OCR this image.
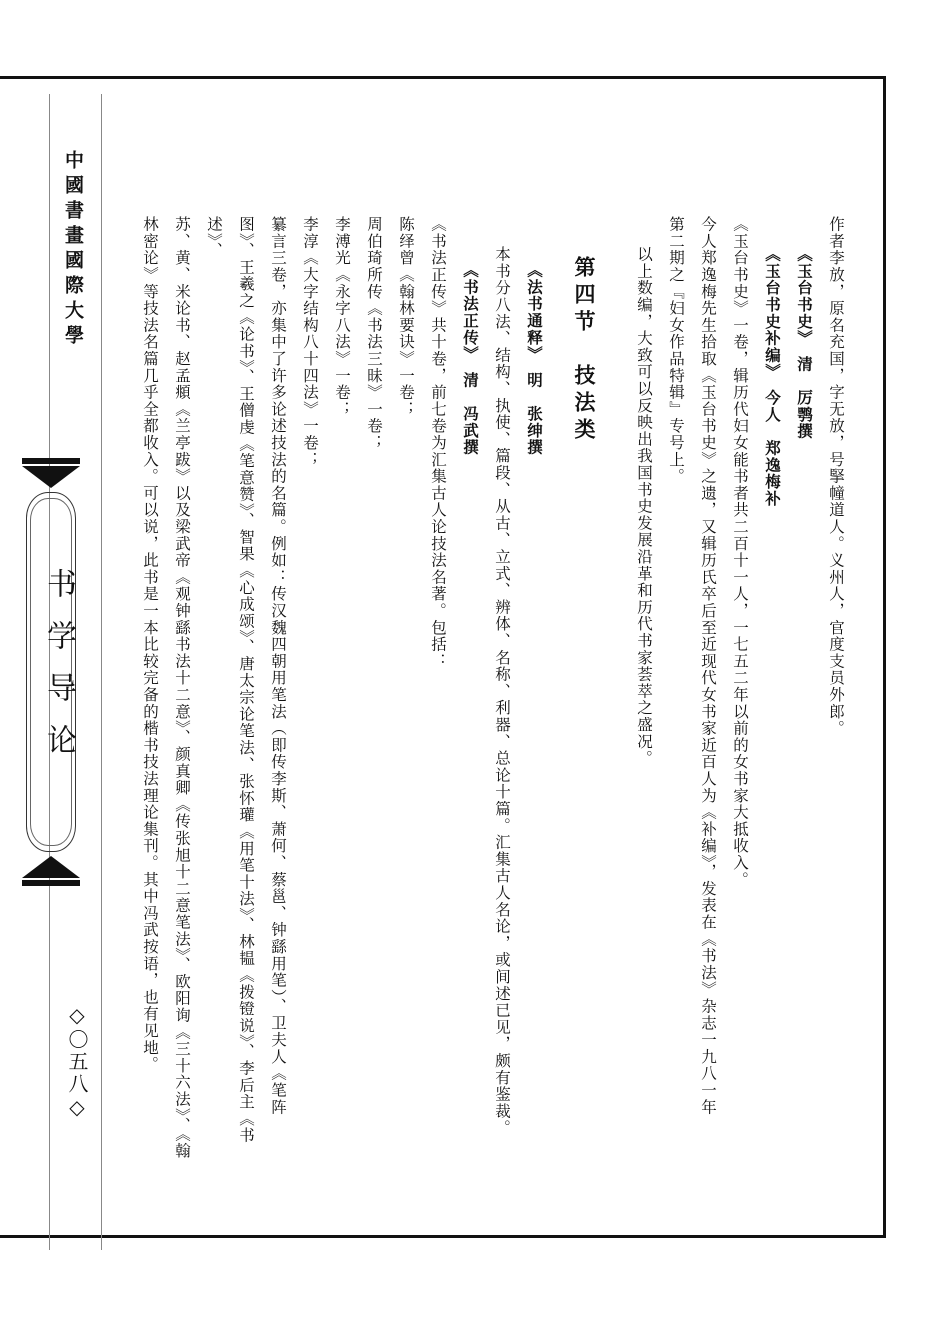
中國書畫國際大學
书学导论
◇〇五八◇

作者李放，原名充国，字无放，号掔幢道人。义州人，官度支员外郎。

《玉台书史》　清　厉鹗撰

《玉台书史补编》　今人　郑逸梅补

《玉台书史》一卷，辑历代妇女能书者共二百十一人，一七五二年以前的女书家大抵收入。

今人郑逸梅先生拾取《玉台书史》之遗，又辑历氏卒后至近现代女书家近百人为《补编》，发表在《书法》杂志一九八一年

第二期之『妇女作品特辑』专号上。

以上数编，大致可以反映出我国书史发展沿革和历代书家荟萃之盛况。

第四节　技法类

《法书通释》　明　张绅撰

本书分八法、结构、执使、篇段、从古、立式、辨体、名称、利器、总论十篇。汇集古人名论，或间述已见，颇有鉴裁。

《书法正传》　清　冯武撰

《书法正传》共十卷，前七卷为汇集古人论技法名著。包括：

陈绎曾《翰林要诀》一卷；

周伯琦所传《书法三昧》一卷；

李溥光《永字八法》一卷；

李淳《大字结构八十四法》一卷；

纂言三卷，亦集中了许多论述技法的名篇。例如：传汉魏四朝用笔法（即传李斯、萧何、蔡邕、钟繇用笔）、卫夫人《笔阵

图》、王羲之《论书》、王僧虔《笔意赞》、智果《心成颂》、唐太宗论笔法、张怀瓘《用笔十法》、林韫《拨镫说》、李后主《书述》、

苏、黄、米论书、赵孟頫《兰亭跋》以及梁武帝《观钟繇书法十二意》、颜真卿《传张旭十二意笔法》、欧阳询《三十六法》、《翰

林密论》等技法名篇几乎全都收入。可以说，此书是一本比较完备的楷书技法理论集刊。其中冯武按语，也有见地。
